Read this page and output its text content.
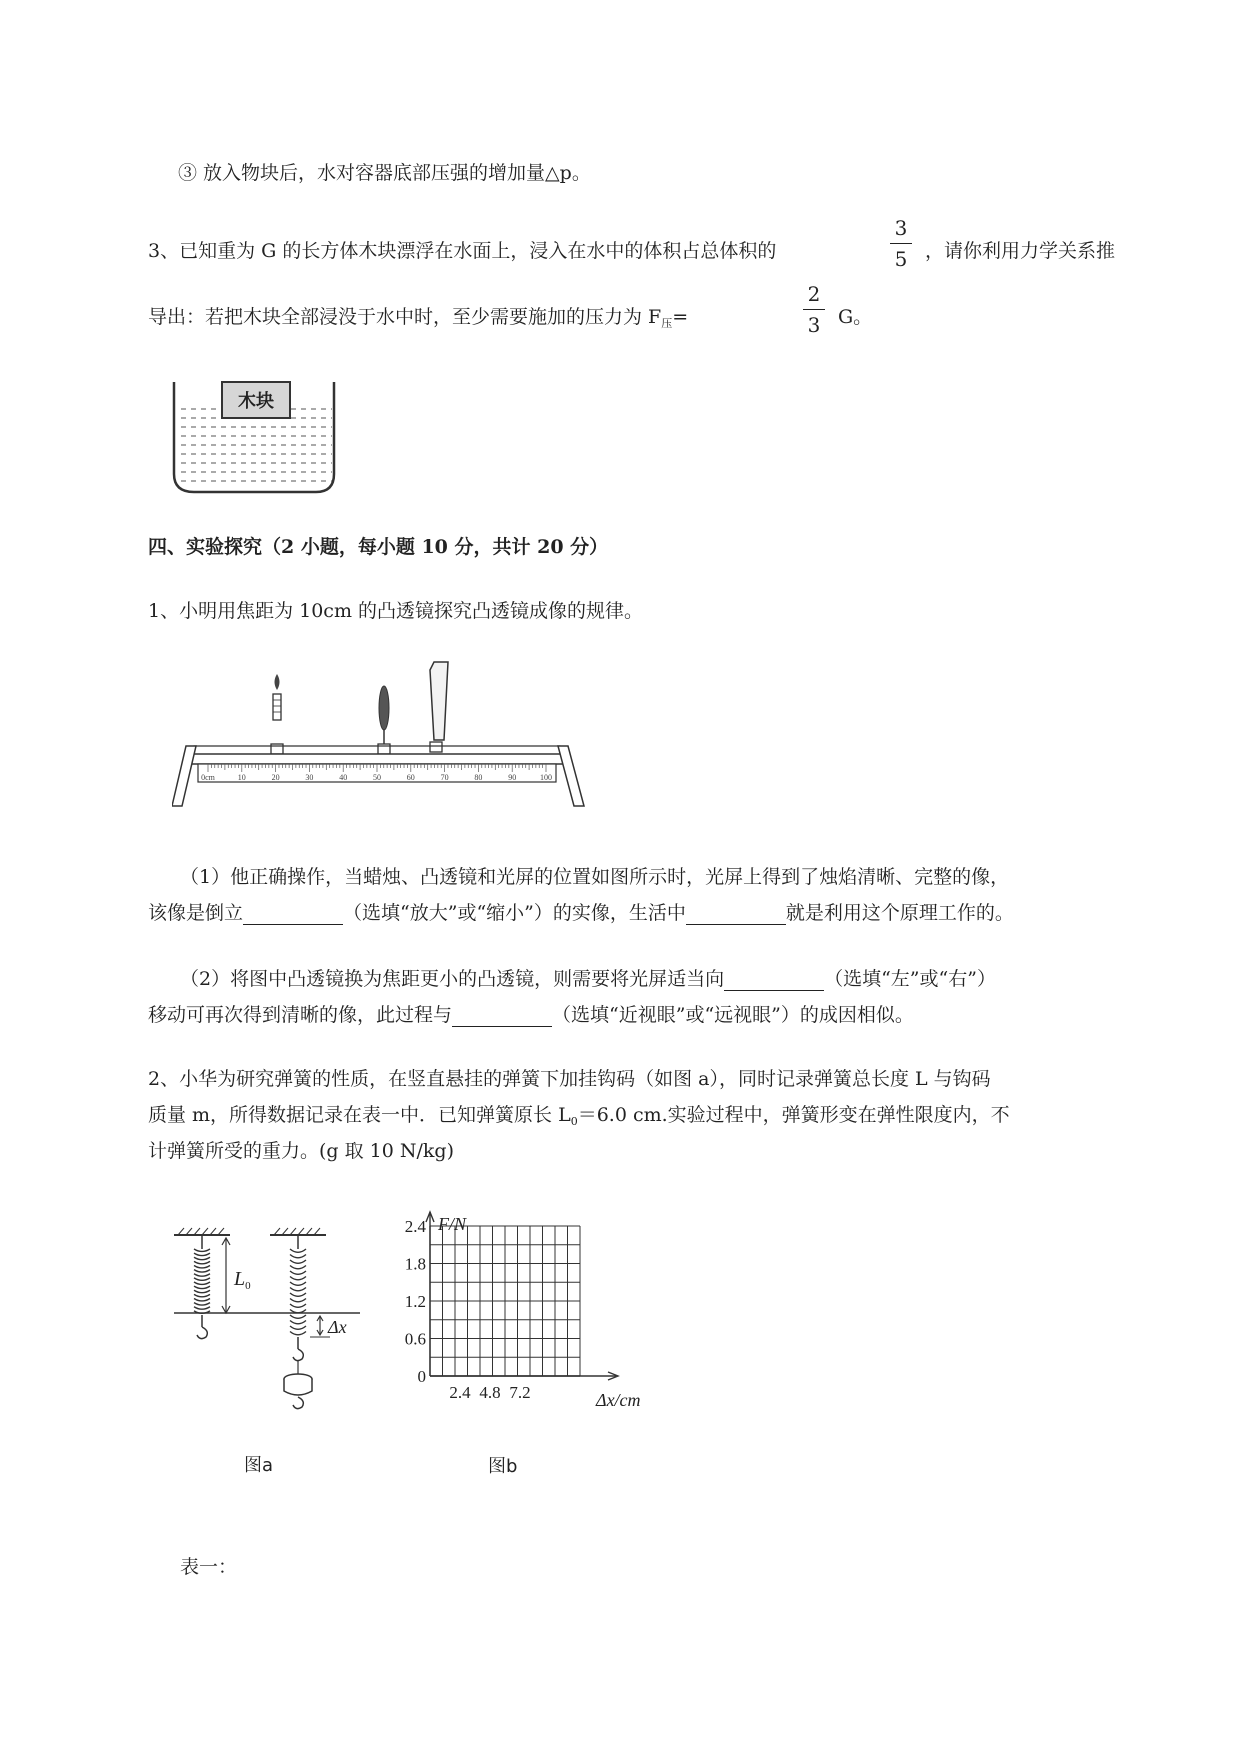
③ 放入物块后，水对容器底部压强的增加量△p。
3、已知重为 G 的长方体木块漂浮在水面上，浸入在水中的体积占总体积的
3
5 ，请你利用力学关系推
导出：若把木块全部浸没于水中时，至少需要施加的压力为 $F_压=$
2
3 G。
木块
四、实验探究（2 小题，每小题 10 分，共计 20 分）
1、小明用焦距为 10cm 的凸透镜探究凸透镜成像的规律。
0cm	10	20	30	40	50	60	70	80	90	100
（1）他正确操作，当蜡烛、凸透镜和光屏的位置如图所示时，光屏上得到了烛焰清晰、完整的像，
该像是倒立	（选填“放大”或“缩小”）的实像，生活中	就是利用这个原理工作的。
（2）将图中凸透镜换为焦距更小的凸透镜，则需要将光屏适当向	（选填“左”或“右”）
移动可再次得到清晰的像，此过程与	（选填“近视眼”或“远视眼”）的成因相似。
2、小华为研究弹簧的性质，在竖直悬挂的弹簧下加挂钩码（如图 a），同时记录弹簧总长度 L 与钩码
质量 m，所得数据记录在表一中．已知弹簧原长 $L_0=6.0$ cm.实验过程中，弹簧形变在弹性限度内，不
计弹簧所受的重力。(g 取 10 N/kg)
$L_0$
Δx
图a
0
0.6
1.2
1.8
2.4
2.4 4.8 7.2
F/N
Δx/cm
图b
表一：
